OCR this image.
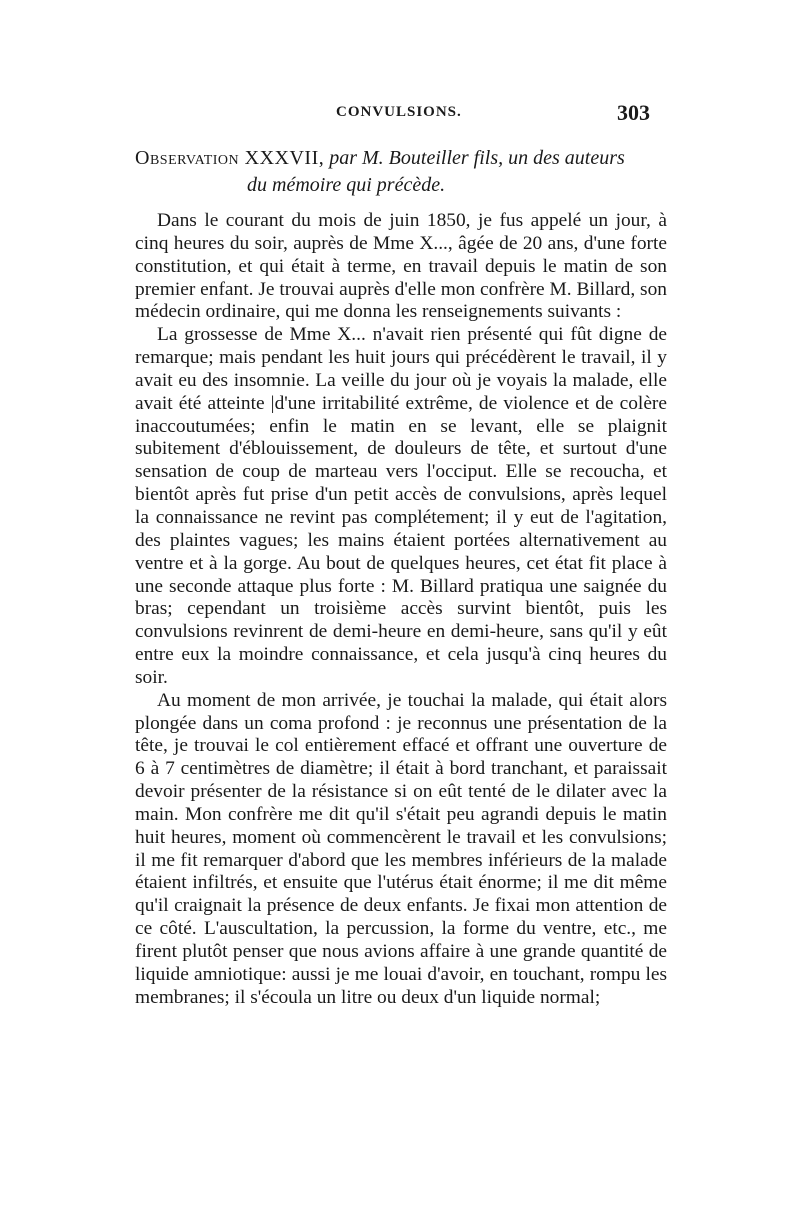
CONVULSIONS.	303
Observation XXXVII, par M. Bouteiller fils, un des auteurs
du mémoire qui précède.

Dans le courant du mois de juin 1850, je fus appelé un jour, à cinq heures du soir, auprès de Mme X..., âgée de 20 ans, d'une forte constitution, et qui était à terme, en travail depuis le matin de son premier enfant. Je trouvai auprès d'elle mon confrère M. Billard, son médecin ordinaire, qui me donna les renseignements suivants :

La grossesse de Mme X... n'avait rien présenté qui fût digne de remarque; mais pendant les huit jours qui précédèrent le travail, il y avait eu des insomnie. La veille du jour où je voyais la malade, elle avait été atteinte |d'une irritabilité extrême, de violence et de colère inaccoutumées; enfin le matin en se levant, elle se plaignit subitement d'éblouissement, de douleurs de tête, et surtout d'une sensation de coup de marteau vers l'occiput. Elle se recoucha, et bientôt après fut prise d'un petit accès de convulsions, après lequel la connaissance ne revint pas complétement; il y eut de l'agitation, des plaintes vagues; les mains étaient portées alternativement au ventre et à la gorge. Au bout de quelques heures, cet état fit place à une seconde attaque plus forte : M. Billard pratiqua une saignée du bras; cependant un troisième accès survint bientôt, puis les convulsions revinrent de demi-heure en demi-heure, sans qu'il y eût entre eux la moindre connaissance, et cela jusqu'à cinq heures du soir.

Au moment de mon arrivée, je touchai la malade, qui était alors plongée dans un coma profond : je reconnus une présentation de la tête, je trouvai le col entièrement effacé et offrant une ouverture de 6 à 7 centimètres de diamètre; il était à bord tranchant, et paraissait devoir présenter de la résistance si on eût tenté de le dilater avec la main. Mon confrère me dit qu'il s'était peu agrandi depuis le matin huit heures, moment où commencèrent le travail et les convulsions; il me fit remarquer d'abord que les membres inférieurs de la malade étaient infiltrés, et ensuite que l'utérus était énorme; il me dit même qu'il craignait la présence de deux enfants. Je fixai mon attention de ce côté. L'auscultation, la percussion, la forme du ventre, etc., me firent plutôt penser que nous avions affaire à une grande quantité de liquide amniotique: aussi je me louai d'avoir, en touchant, rompu les membranes; il s'écoula un litre ou deux d'un liquide normal;
